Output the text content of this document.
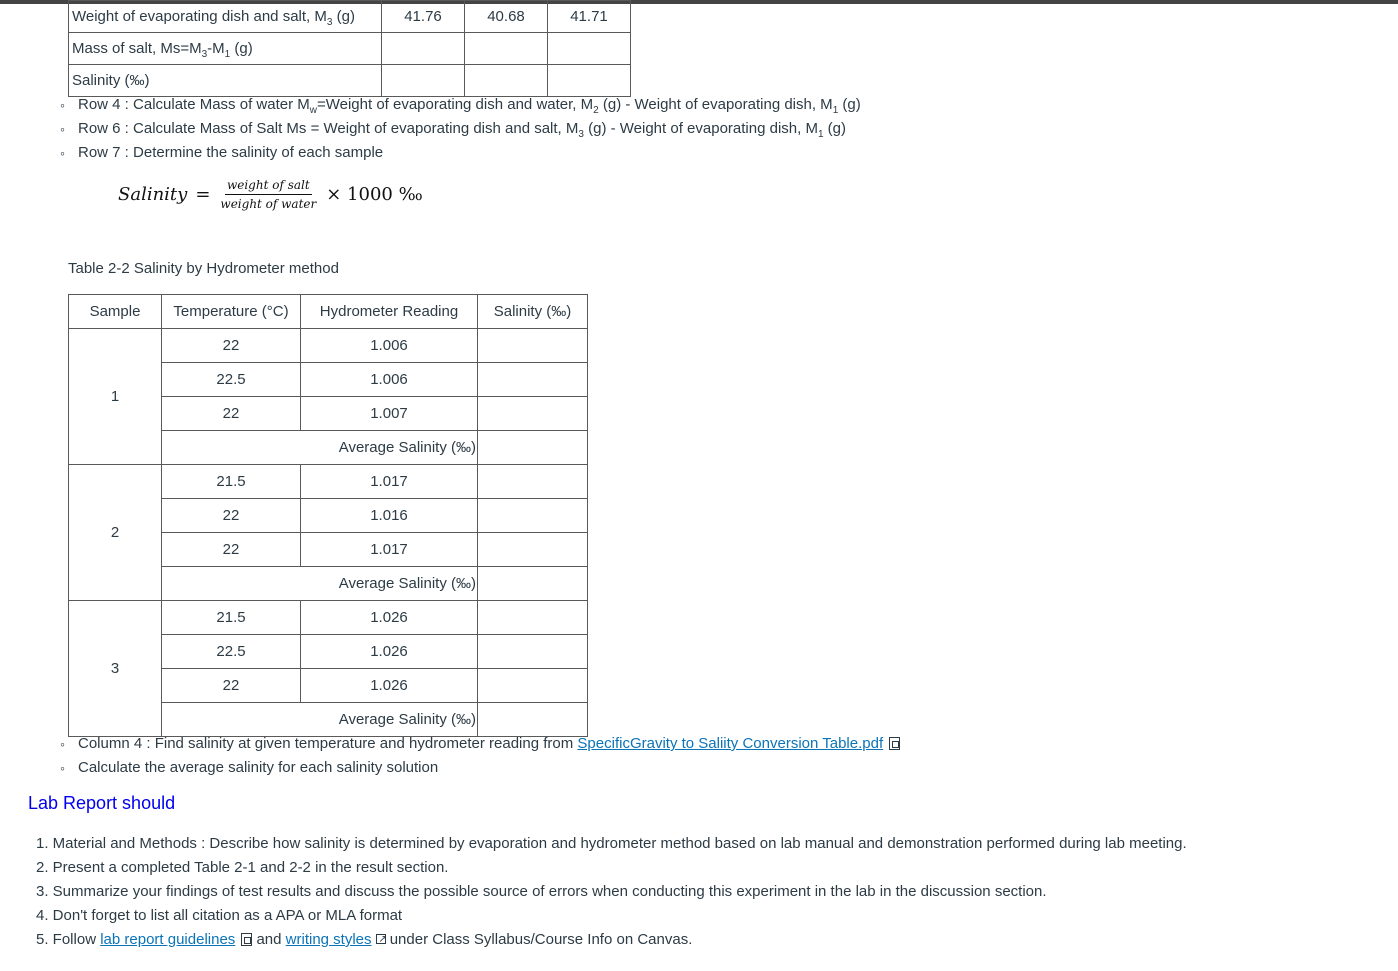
Weight of evaporating dish and salt, $M_3$ (g)	41.76	40.68	41.71
Mass of salt, $Ms=M_3-M_1$ (g)			
Salinity (‰)			
◦ Row 4 : Calculate Mass of water $M_w=Weight$ of evaporating dish and water, $M_2$ (g) - Weight of evaporating dish, $M_1$ (g)
◦ Row 6 : Calculate Mass of Salt Ms = Weight of evaporating dish and salt, $M_3$ (g) - Weight of evaporating dish, $M_1$ (g)
◦ Row 7 : Determine the salinity of each sample
Salinity = $\frac{\text{weight of salt}}{\text{weight of water}} \times 1000$ ‰
Table 2-2 Salinity by Hydrometer method
Sample	Temperature (°C)	Hydrometer Reading	Salinity (‰)
1	22	1.006	
	22.5	1.006	
	22	1.007	
	Average Salinity (‰)		
2	21.5	1.017	
	22	1.016	
	22	1.017	
	Average Salinity (‰)		
3	21.5	1.026	
	22.5	1.026	
	22	1.026	
	Average Salinity (‰)		
◦ Column 4 : Find salinity at given temperature and hydrometer reading from SpecificGravity to Saliity Conversion Table.pdf
◦ Calculate the average salinity for each salinity solution
Lab Report should
1. Material and Methods : Describe how salinity is determined by evaporation and hydrometer method based on lab manual and demonstration performed during lab meeting.
2. Present a completed Table 2-1 and 2-2 in the result section.
3. Summarize your findings of test results and discuss the possible source of errors when conducting this experiment in the lab in the discussion section.
4. Don't forget to list all citation as a APA or MLA format
5. Follow lab report guidelines and writing styles↗ under Class Syllabus/Course Info on Canvas.
